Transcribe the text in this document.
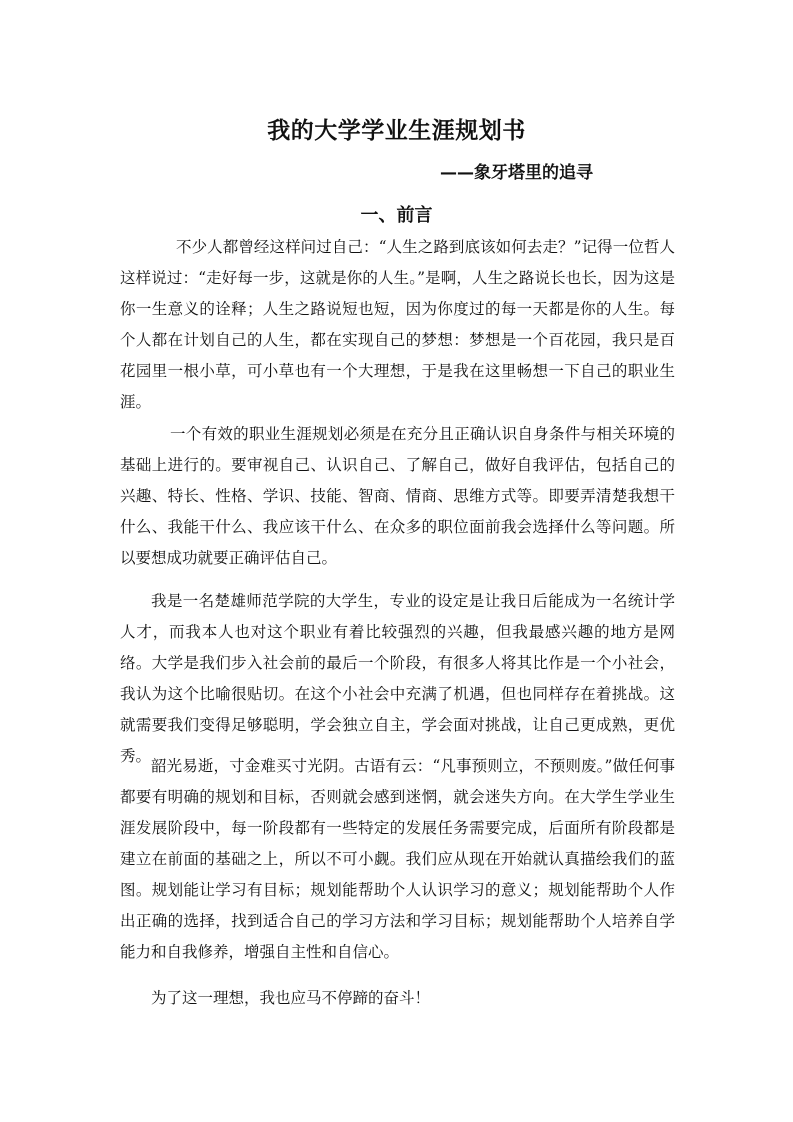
我的大学学业生涯规划书
——象牙塔里的追寻
一、前言

不少人都曾经这样问过自己：“人生之路到底该如何去走？”记得一位哲人这样说过：“走好每一步，这就是你的人生。”是啊，人生之路说长也长，因为这是你一生意义的诠释；人生之路说短也短，因为你度过的每一天都是你的人生。每个人都在计划自己的人生，都在实现自己的梦想：梦想是一个百花园，我只是百花园里一根小草，可小草也有一个大理想，于是我在这里畅想一下自己的职业生涯。

一个有效的职业生涯规划必须是在充分且正确认识自身条件与相关环境的基础上进行的。要审视自己、认识自己、了解自己，做好自我评估，包括自己的兴趣、特长、性格、学识、技能、智商、情商、思维方式等。即要弄清楚我想干什么、我能干什么、我应该干什么、在众多的职位面前我会选择什么等问题。所以要想成功就要正确评估自己。

我是一名楚雄师范学院的大学生，专业的设定是让我日后能成为一名统计学人才，而我本人也对这个职业有着比较强烈的兴趣，但我最感兴趣的地方是网络。大学是我们步入社会前的最后一个阶段，有很多人将其比作是一个小社会，我认为这个比喻很贴切。在这个小社会中充满了机遇，但也同样存在着挑战。这就需要我们变得足够聪明，学会独立自主，学会面对挑战，让自己更成熟，更优秀。

韶光易逝，寸金难买寸光阴。古语有云：“凡事预则立，不预则废。”做任何事都要有明确的规划和目标，否则就会感到迷惘，就会迷失方向。在大学生学业生涯发展阶段中，每一阶段都有一些特定的发展任务需要完成，后面所有阶段都是建立在前面的基础之上，所以不可小觑。我们应从现在开始就认真描绘我们的蓝图。规划能让学习有目标；规划能帮助个人认识学习的意义；规划能帮助个人作出正确的选择，找到适合自己的学习方法和学习目标；规划能帮助个人培养自学能力和自我修养，增强自主性和自信心。

为了这一理想，我也应马不停蹄的奋斗！
